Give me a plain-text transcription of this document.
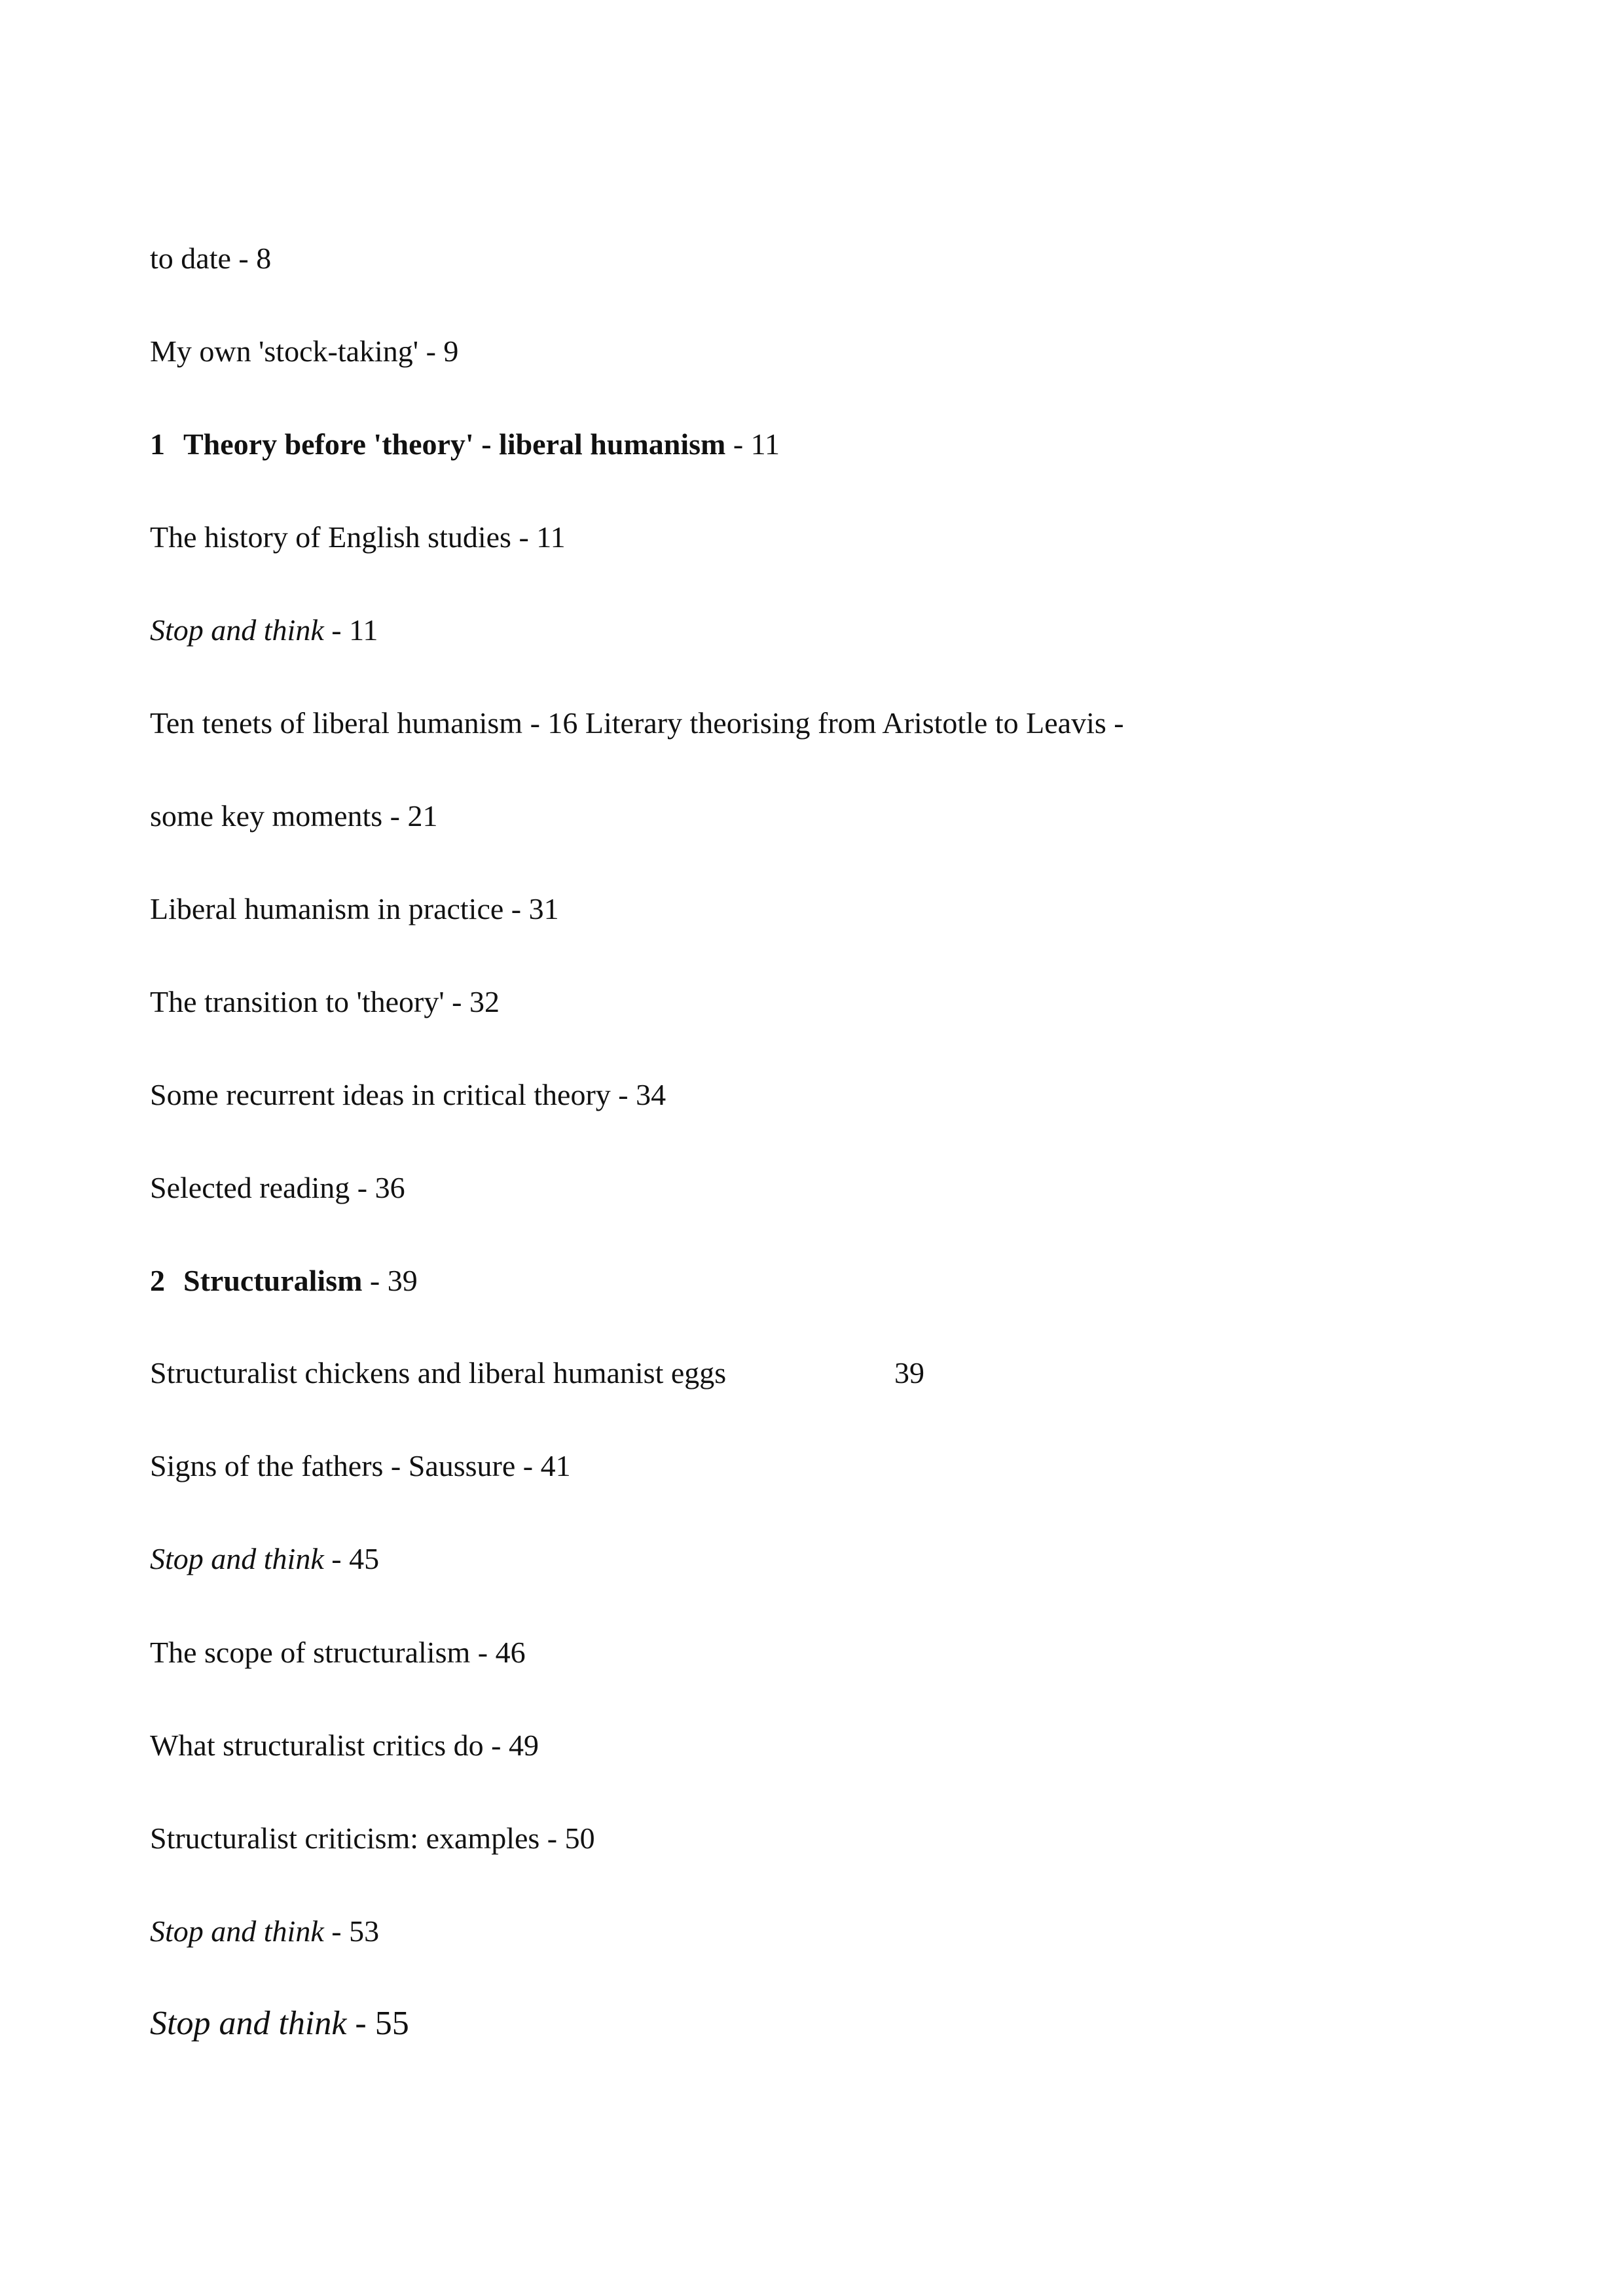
to date - 8
My own 'stock-taking' - 9
1 Theory before 'theory' - liberal humanism - 11
The history of English studies - 11
Stop and think - 11
Ten tenets of liberal humanism - 16 Literary theorising from Aristotle to Leavis -
some key moments - 21
Liberal humanism in practice - 31
The transition to 'theory' - 32
Some recurrent ideas in critical theory - 34
Selected reading - 36
2 Structuralism - 39
Structuralist chickens and liberal humanist eggs	39
Signs of the fathers - Saussure - 41
Stop and think - 45
The scope of structuralism - 46
What structuralist critics do - 49
Structuralist criticism: examples - 50
Stop and think - 53
Stop and think - 55
